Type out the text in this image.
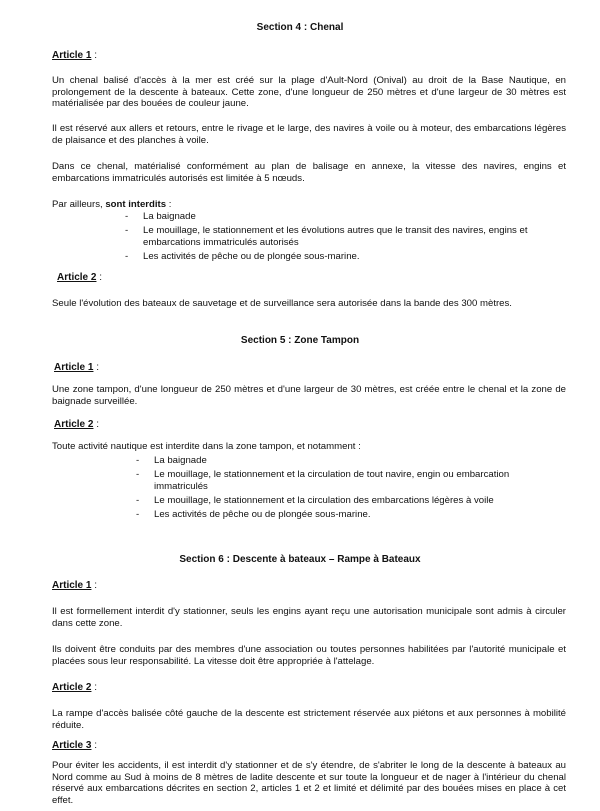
Section 4 : Chenal

Article 1 :

Un chenal balisé d'accès à la mer est créé sur la plage d'Ault-Nord (Onival) au droit de la Base Nautique, en prolongement de la descente à bateaux. Cette zone, d'une longueur de 250 mètres et d'une largeur de 30 mètres est matérialisée par des bouées de couleur jaune.

Il est réservé aux allers et retours, entre le rivage et le large, des navires à voile ou à moteur, des embarcations légères de plaisance et des planches à voile.

Dans ce chenal, matérialisé conformément au plan de balisage en annexe, la vitesse des navires, engins et embarcations immatriculés autorisés est limitée à 5 nœuds.

Par ailleurs, sont interdits :

- La baignade
- Le mouillage, le stationnement et les évolutions autres que le transit des navires, engins et embarcations immatriculés autorisés
- Les activités de pêche ou de plongée sous-marine.

Article 2 :

Seule l'évolution des bateaux de sauvetage et de surveillance sera autorisée dans la bande des 300 mètres.

Section 5 : Zone Tampon

Article 1 :

Une zone tampon, d'une longueur de 250 mètres et d'une largeur de 30 mètres, est créée entre le chenal et la zone de baignade surveillée.

Article 2 :

Toute activité nautique est interdite dans la zone tampon, et notamment :

- La baignade
- Le mouillage, le stationnement et la circulation de tout navire, engin ou embarcation immatriculés
- Le mouillage, le stationnement et la circulation des embarcations légères à voile
- Les activités de pêche ou de plongée sous-marine.
Section 6 : Descente à bateaux – Rampe à Bateaux

Article 1 :

Il est formellement interdit d'y stationner, seuls les engins ayant reçu une autorisation municipale sont admis à circuler dans cette zone.

Ils doivent être conduits par des membres d'une association ou toutes personnes habilitées par l'autorité municipale et placées sous leur responsabilité. La vitesse doit être appropriée à l'attelage.

Article 2 :

La rampe d'accès balisée côté gauche de la descente est strictement réservée aux piétons et aux personnes à mobilité réduite.

Article 3 :

Pour éviter les accidents, il est interdit d'y stationner et de s'y étendre, de s'abriter le long de la descente à bateaux au Nord comme au Sud à moins de 8 mètres de ladite descente et sur toute la longueur et de nager à l'intérieur du chenal réservé aux embarcations décrites en section 2, articles 1 et 2 et limité et délimité par des bouées mises en place à cet effet.
